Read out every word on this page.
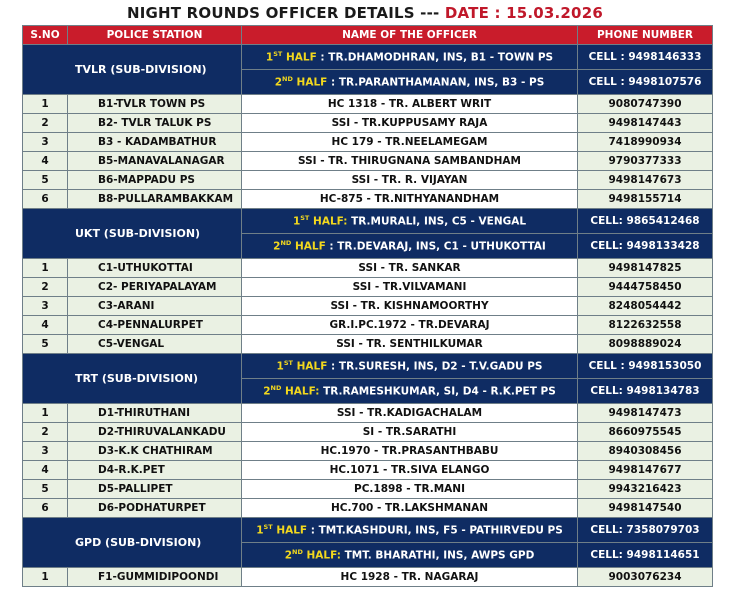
NIGHT ROUNDS OFFICER DETAILS --- DATE : 15.03.2026
S.NO	POLICE STATION	NAME OF THE OFFICER	PHONE NUMBER
TVLR (SUB-DIVISION)		1ST HALF : TR.DHAMODHRAN, INS, B1 - TOWN PS	CELL : 9498146333
		2ND HALF : TR.PARANTHAMANAN, INS, B3 - PS	CELL : 9498107576
1	B1-TVLR TOWN PS	HC 1318 - TR. ALBERT WRIT	9080747390
2	B2- TVLR TALUK PS	SSI - TR.KUPPUSAMY RAJA	9498147443
3	B3 - KADAMBATHUR	HC 179 - TR.NEELAMEGAM	7418990934
4	B5-MANAVALANAGAR	SSI - TR. THIRUGNANA SAMBANDHAM	9790377333
5	B6-MAPPADU PS	SSI - TR. R. VIJAYAN	9498147673
6	B8-PULLARAMBAKKAM	HC-875 - TR.NITHYANANDHAM	9498155714
UKT (SUB-DIVISION)		1ST HALF: TR.MURALI, INS, C5 - VENGAL	CELL: 9865412468
		2ND HALF : TR.DEVARAJ, INS, C1 - UTHUKOTTAI	CELL: 9498133428
1	C1-UTHUKOTTAI	SSI - TR. SANKAR	9498147825
2	C2- PERIYAPALAYAM	SSI - TR.VILVAMANI	9444758450
3	C3-ARANI	SSI - TR. KISHNAMOORTHY	8248054442
4	C4-PENNALURPET	GR.I.PC.1972 - TR.DEVARAJ	8122632558
5	C5-VENGAL	SSI - TR. SENTHILKUMAR	8098889024
TRT (SUB-DIVISION)		1ST HALF : TR.SURESH, INS, D2 - T.V.GADU PS	CELL : 9498153050
		2ND HALF: TR.RAMESHKUMAR, SI, D4 - R.K.PET PS	CELL: 9498134783
1	D1-THIRUTHANI	SSI - TR.KADIGACHALAM	9498147473
2	D2-THIRUVALANKADU	SI - TR.SARATHI	8660975545
3	D3-K.K CHATHIRAM	HC.1970 - TR.PRASANTHBABU	8940308456
4	D4-R.K.PET	HC.1071 - TR.SIVA ELANGO	9498147677
5	D5-PALLIPET	PC.1898 - TR.MANI	9943216423
6	D6-PODHATURPET	HC.700 - TR.LAKSHMANAN	9498147540
GPD (SUB-DIVISION)		1ST HALF : TMT.KASHDURI, INS, F5 - PATHIRVEDU PS	CELL: 7358079703
		2ND HALF: TMT. BHARATHI, INS, AWPS GPD	CELL: 9498114651
1	F1-GUMMIDIPOONDI	HC 1928 - TR. NAGARAJ	9003076234
